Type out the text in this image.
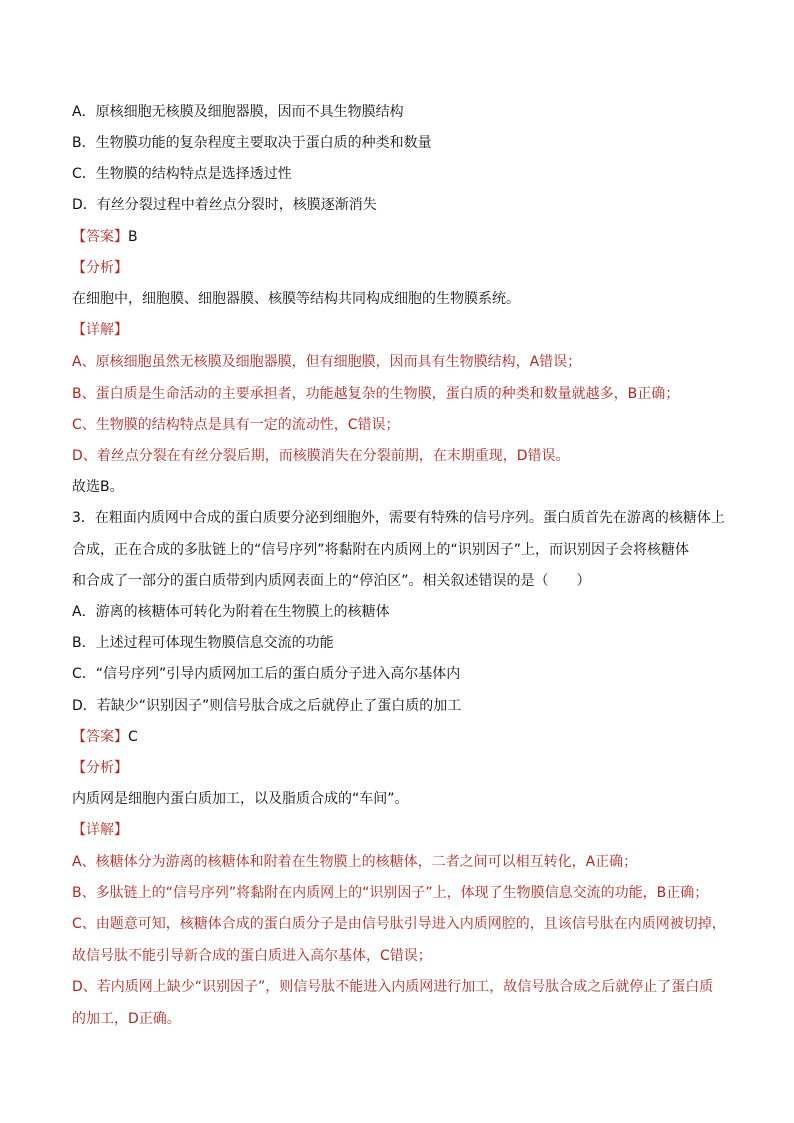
A．原核细胞无核膜及细胞器膜，因而不具生物膜结构
B．生物膜功能的复杂程度主要取决于蛋白质的种类和数量
C．生物膜的结构特点是选择透过性
D．有丝分裂过程中着丝点分裂时，核膜逐渐消失
【答案】B
【分析】
在细胞中，细胞膜、细胞器膜、核膜等结构共同构成细胞的生物膜系统。
【详解】
A、原核细胞虽然无核膜及细胞器膜，但有细胞膜，因而具有生物膜结构，A错误；
B、蛋白质是生命活动的主要承担者，功能越复杂的生物膜，蛋白质的种类和数量就越多，B正确；
C、生物膜的结构特点是具有一定的流动性，C错误；
D、着丝点分裂在有丝分裂后期，而核膜消失在分裂前期，在末期重现，D错误。
故选B。
3．在粗面内质网中合成的蛋白质要分泌到细胞外，需要有特殊的信号序列。蛋白质首先在游离的核糖体上
合成，正在合成的多肽链上的“信号序列”将黏附在内质网上的“识别因子”上，而识别因子会将核糖体
和合成了一部分的蛋白质带到内质网表面上的“停泊区”。相关叙述错误的是（　　）
A．游离的核糖体可转化为附着在生物膜上的核糖体
B．上述过程可体现生物膜信息交流的功能
C．“信号序列”引导内质网加工后的蛋白质分子进入高尔基体内
D．若缺少“识别因子”则信号肽合成之后就停止了蛋白质的加工
【答案】C
【分析】
内质网是细胞内蛋白质加工，以及脂质合成的“车间”。
【详解】
A、核糖体分为游离的核糖体和附着在生物膜上的核糖体，二者之间可以相互转化，A正确；
B、多肽链上的“信号序列”将黏附在内质网上的“识别因子”上，体现了生物膜信息交流的功能，B正确；
C、由题意可知，核糖体合成的蛋白质分子是由信号肽引导进入内质网腔的，且该信号肽在内质网被切掉，
故信号肽不能引导新合成的蛋白质进入高尔基体，C错误；
D、若内质网上缺少“识别因子”，则信号肽不能进入内质网进行加工，故信号肽合成之后就停止了蛋白质
的加工，D正确。
